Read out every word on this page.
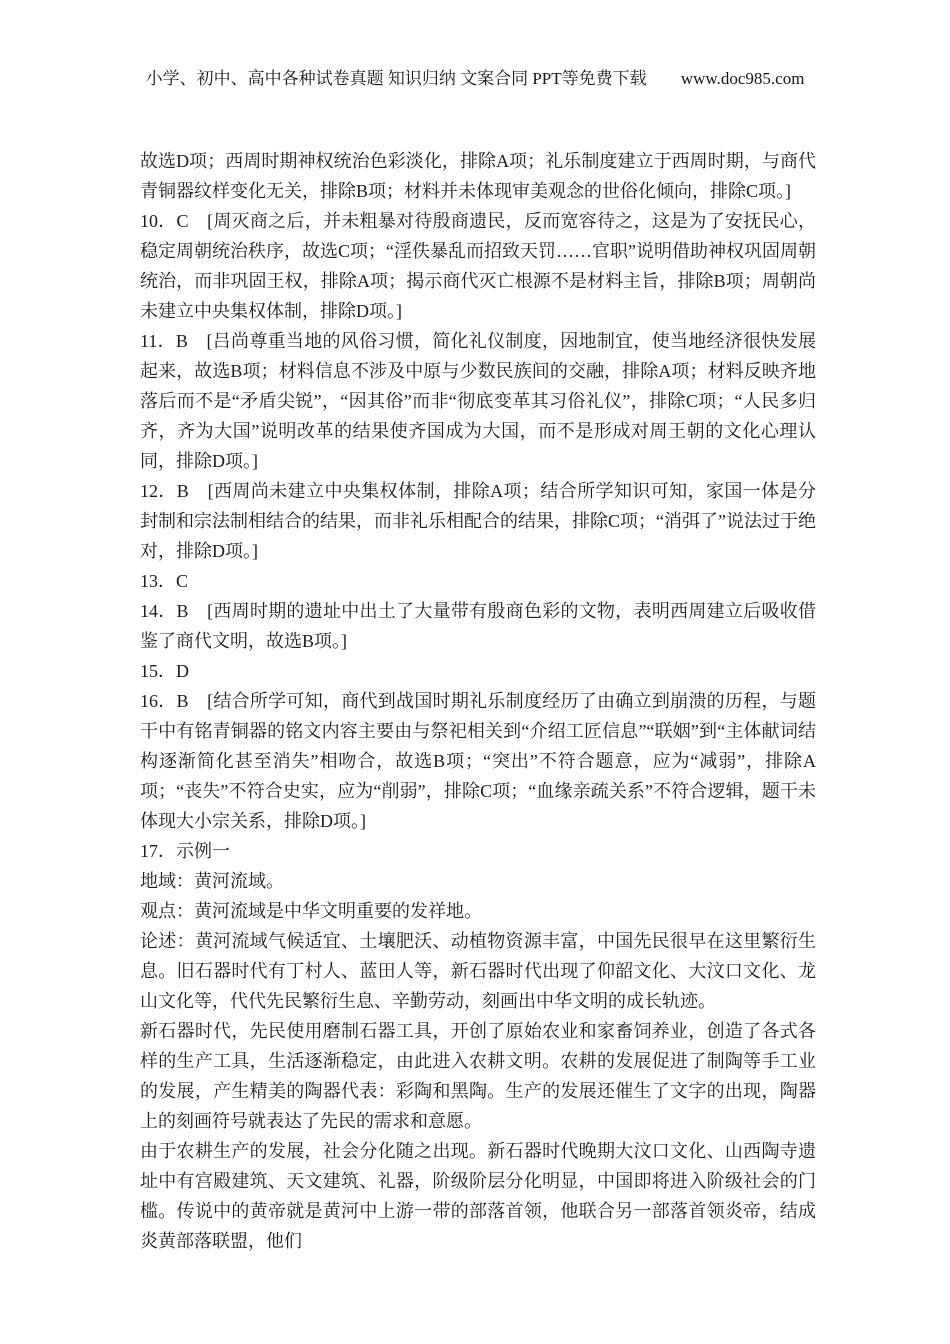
小学、初中、高中各种试卷真题 知识归纳 文案合同 PPT等免费下载 www.doc985.com

故选D项；西周时期神权统治色彩淡化，排除A项；礼乐制度建立于西周时期，与商代青铜器纹样变化无关，排除B项；材料并未体现审美观念的世俗化倾向，排除C项。]

10．C　[周灭商之后，并未粗暴对待殷商遗民，反而宽容待之，这是为了安抚民心，稳定周朝统治秩序，故选C项；“淫佚暴乱而招致天罚……官职”说明借助神权巩固周朝统治，而非巩固王权，排除A项；揭示商代灭亡根源不是材料主旨，排除B项；周朝尚未建立中央集权体制，排除D项。]

11．B　[吕尚尊重当地的风俗习惯，简化礼仪制度，因地制宜，使当地经济很快发展起来，故选B项；材料信息不涉及中原与少数民族间的交融，排除A项；材料反映齐地落后而不是“矛盾尖锐”，“因其俗”而非“彻底变革其习俗礼仪”，排除C项；“人民多归齐，齐为大国”说明改革的结果使齐国成为大国，而不是形成对周王朝的文化心理认同，排除D项。]

12．B　[西周尚未建立中央集权体制，排除A项；结合所学知识可知，家国一体是分封制和宗法制相结合的结果，而非礼乐相配合的结果，排除C项；“消弭了”说法过于绝对，排除D项。]

13．C

14．B　[西周时期的遗址中出土了大量带有殷商色彩的文物，表明西周建立后吸收借鉴了商代文明，故选B项。]

15．D

16．B　[结合所学可知，商代到战国时期礼乐制度经历了由确立到崩溃的历程，与题干中有铭青铜器的铭文内容主要由与祭祀相关到“介绍工匠信息”“联姻”到“主体献词结构逐渐简化甚至消失”相吻合，故选B项；“突出”不符合题意，应为“减弱”，排除A项；“丧失”不符合史实，应为“削弱”，排除C项；“血缘亲疏关系”不符合逻辑，题干未体现大小宗关系，排除D项。]

17．示例一

地域：黄河流域。

观点：黄河流域是中华文明重要的发祥地。

论述：黄河流域气候适宜、土壤肥沃、动植物资源丰富，中国先民很早在这里繁衍生息。旧石器时代有丁村人、蓝田人等，新石器时代出现了仰韶文化、大汶口文化、龙山文化等，代代先民繁衍生息、辛勤劳动，刻画出中华文明的成长轨迹。

新石器时代，先民使用磨制石器工具，开创了原始农业和家畜饲养业，创造了各式各样的生产工具，生活逐渐稳定，由此进入农耕文明。农耕的发展促进了制陶等手工业的发展，产生精美的陶器代表：彩陶和黑陶。生产的发展还催生了文字的出现，陶器上的刻画符号就表达了先民的需求和意愿。

由于农耕生产的发展，社会分化随之出现。新石器时代晚期大汶口文化、山西陶寺遗址中有宫殿建筑、天文建筑、礼器，阶级阶层分化明显，中国即将进入阶级社会的门槛。传说中的黄帝就是黄河中上游一带的部落首领，他联合另一部落首领炎帝，结成炎黄部落联盟，他们
